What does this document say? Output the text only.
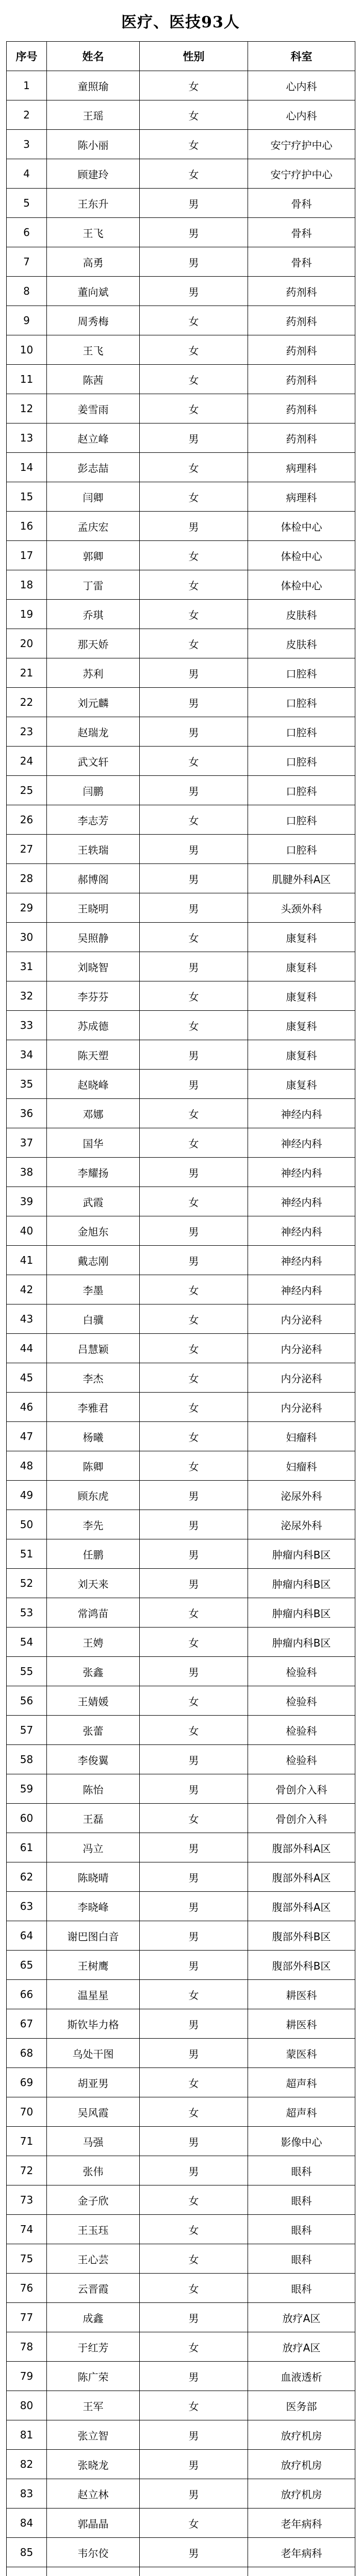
医疗、医技93人
序号	姓名	性别	科室
1	童照瑜	女	心内科
2	王瑶	女	心内科
3	陈小丽	女	安宁疗护中心
4	顾建玲	女	安宁疗护中心
5	王东升	男	骨科
6	王飞	男	骨科
7	高勇	男	骨科
8	董向斌	男	药剂科
9	周秀梅	女	药剂科
10	王飞	女	药剂科
11	陈茜	女	药剂科
12	姜雪雨	女	药剂科
13	赵立峰	男	药剂科
14	彭志喆	女	病理科
15	闫卿	女	病理科
16	孟庆宏	男	体检中心
17	郭卿	女	体检中心
18	丁雷	女	体检中心
19	乔琪	女	皮肤科
20	那天娇	女	皮肤科
21	苏利	男	口腔科
22	刘元麟	男	口腔科
23	赵瑞龙	男	口腔科
24	武文轩	女	口腔科
25	闫鹏	男	口腔科
26	李志芳	女	口腔科
27	王轶瑞	男	口腔科
28	郝博阁	男	肌腱外科A区
29	王晓明	男	头颈外科
30	吴照静	女	康复科
31	刘晓智	男	康复科
32	李芬芬	女	康复科
33	苏成德	女	康复科
34	陈天塑	男	康复科
35	赵晓峰	男	康复科
36	邓娜	女	神经内科
37	国华	女	神经内科
38	李耀扬	男	神经内科
39	武霞	女	神经内科
40	金旭东	男	神经内科
41	戴志刚	男	神经内科
42	李墨	女	神经内科
43	白骥	女	内分泌科
44	吕慧颖	女	内分泌科
45	李杰	女	内分泌科
46	李雅君	女	内分泌科
47	杨曦	女	妇瘤科
48	陈卿	女	妇瘤科
49	顾东虎	男	泌尿外科
50	李先	男	泌尿外科
51	任鹏	男	肿瘤内科B区
52	刘天来	男	肿瘤内科B区
53	常鸿苗	女	肿瘤内科B区
54	王娉	女	肿瘤内科B区
55	张鑫	男	检验科
56	王婧媛	女	检验科
57	张蕾	女	检验科
58	李俊翼	男	检验科
59	陈怡	男	骨创介入科
60	王磊	女	骨创介入科
61	冯立	男	腹部外科A区
62	陈晓晴	男	腹部外科A区
63	李晓峰	男	腹部外科A区
64	谢巴图白音	男	腹部外科B区
65	王树鹰	男	腹部外科B区
66	温星星	女	耕医科
67	斯钦毕力格	男	耕医科
68	乌处干图	男	蒙医科
69	胡亚男	女	超声科
70	吴风霞	女	超声科
71	马强	男	影像中心
72	张伟	男	眼科
73	金子欣	女	眼科
74	王玉珏	女	眼科
75	王心芸	女	眼科
76	云晋霞	女	眼科
77	成鑫	男	放疗A区
78	于红芳	女	放疗A区
79	陈广荣	男	血液透析
80	王军	女	医务部
81	张立智	男	放疗机房
82	张晓龙	男	放疗机房
83	赵立林	男	放疗机房
84	郭晶晶	女	老年病科
85	韦尔佼	男	老年病科
